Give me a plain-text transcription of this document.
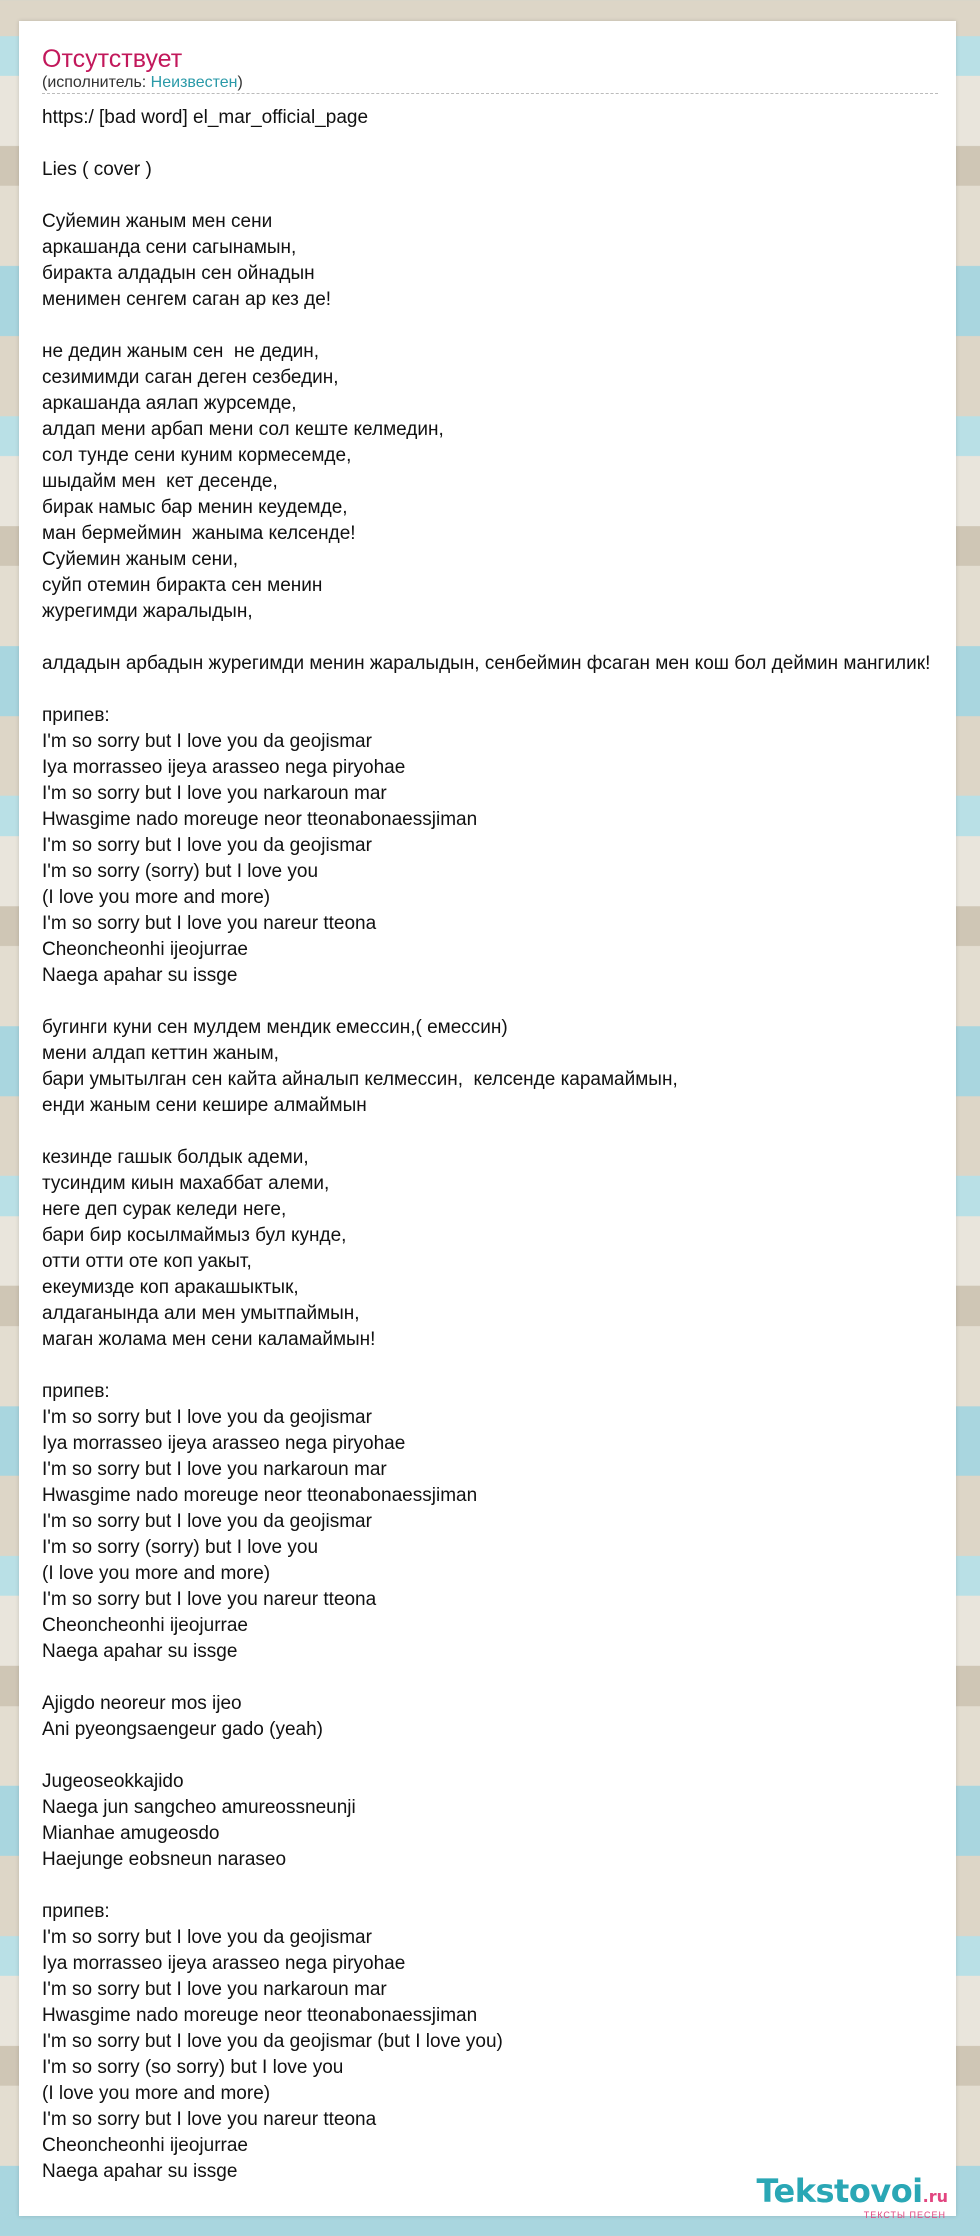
Отсутствует

(исполнитель: Неизвестен)

https:/ [bad word] el_mar_official_page

Lies ( cover )

Суйемин жаным мен сени
аркашанда сени сагынамын,
биракта алдадын сен ойнадын
менимен сенгем саган ар кез де!

не дедин жаным сен  не дедин,
сезимимди саган деген сезбедин,
аркашанда аялап журсемде,
алдап мени арбап мени сол кеште келмедин,
сол тунде сени куним кормесемде,
шыдайм мен  кет десенде,
бирак намыс бар менин кеудемде,
ман бермеймин  жаныма келсенде!
Суйемин жаным сени,
суйп отемин биракта сен менин
журегимди жаралыдын,

алдадын арбадын журегимди менин жаралыдын, сенбеймин фсаган мен кош бол деймин мангилик!

припев:
I'm so sorry but I love you da geojismar
Iya morrasseo ijeya arasseo nega piryohae
I'm so sorry but I love you narkaroun mar
Hwasgime nado moreuge neor tteonabonaessjiman
I'm so sorry but I love you da geojismar
I'm so sorry (sorry) but I love you
(I love you more and more)
I'm so sorry but I love you nareur tteona
Cheoncheonhi ijeojurrae
Naega apahar su issge

бугинги куни сен мулдем мендик емессин,( емессин)
мени алдап кеттин жаным,
бари умытылган сен кайта айналып келмессин,  келсенде карамаймын,
енди жаным сени кеширe алмаймын

кезинде гашык болдык адеми,
тусиндим киын махаббат алеми,
неге деп сурак келеди неге,
бари бир косылмаймыз бул кунде,
отти отти оте коп уакыт,
екеумизде коп аракашыктык,
алдаганында али мен умытпаймын,
маган жолама мен сени каламаймын!

припев:
I'm so sorry but I love you da geojismar
Iya morrasseo ijeya arasseo nega piryohae
I'm so sorry but I love you narkaroun mar
Hwasgime nado moreuge neor tteonabonaessjiman
I'm so sorry but I love you da geojismar
I'm so sorry (sorry) but I love you
(I love you more and more)
I'm so sorry but I love you nareur tteona
Cheoncheonhi ijeojurrae
Naega apahar su issge

Ajigdo neoreur mos ijeo
Ani pyeongsaengeur gado (yeah)

Jugeoseokkajido
Naega jun sangcheo amureossneunji
Mianhae amugeosdo
Haejunge eobsneun naraseo

припев:
I'm so sorry but I love you da geojismar
Iya morrasseo ijeya arasseo nega piryohae
I'm so sorry but I love you narkaroun mar
Hwasgime nado moreuge neor tteonabonaessjiman
I'm so sorry but I love you da geojismar (but I love you)
I'm so sorry (so sorry) but I love you
(I love you more and more)
I'm so sorry but I love you nareur tteona
Cheoncheonhi ijeojurrae
Naega apahar su issge
Tekstovoi.ru
ТЕКСТЫ ПЕСЕН
